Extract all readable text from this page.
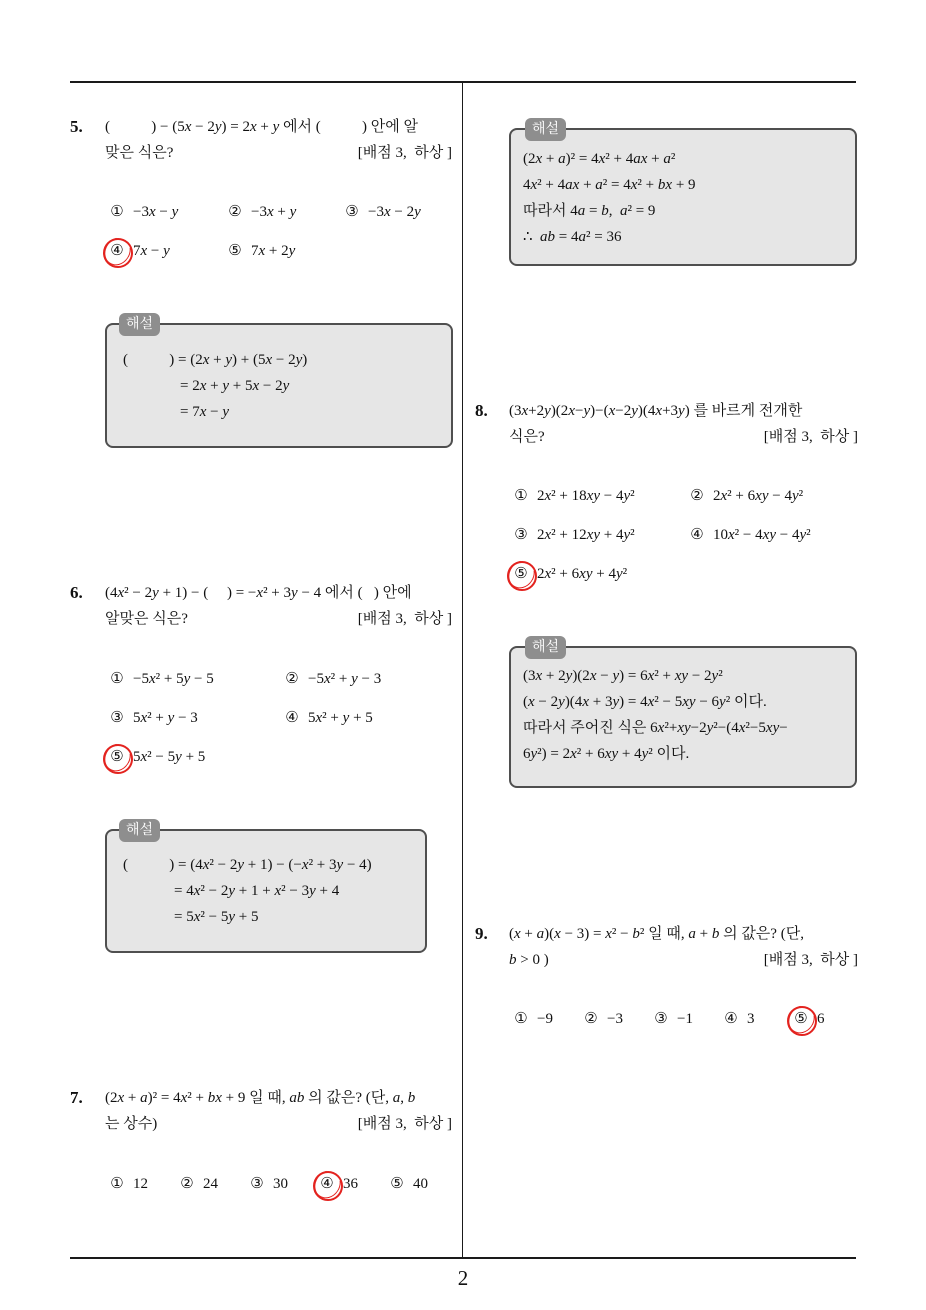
2
5. (           ) − (5x − 2y) = 2x + y 에서 (           ) 안에 알
맞은 식은?	[배점 3,  하상 ]
① −3x − y	② −3x + y	③ −3x − 2y
④ 7x − y	⑤ 7x + 2y
해설
(           ) = (2x + y) + (5x − 2y)
= 2x + y + 5x − 2y
= 7x − y
6. (4x² − 2y + 1) − (     ) = −x² + 3y − 4 에서 (   ) 안에
알맞은 식은?	[배점 3,  하상 ]
① −5x² + 5y − 5	② −5x² + y − 3
③ 5x² + y − 3	④ 5x² + y + 5
⑤ 5x² − 5y + 5
해설
(           ) = (4x² − 2y + 1) − (−x² + 3y − 4)
= 4x² − 2y + 1 + x² − 3y + 4
= 5x² − 5y + 5
7. (2x + a)² = 4x² + bx + 9 일 때, ab 의 값은? (단, a, b
는 상수)	[배점 3,  하상 ]
① 12 ② 24 ③ 30 ④ 36 ⑤ 40
해설
(2x + a)² = 4x² + 4ax + a²
4x² + 4ax + a² = 4x² + bx + 9
따라서 4a = b,  a² = 9
∴  ab = 4a² = 36
8. (3x+2y)(2x−y)−(x−2y)(4x+3y) 를 바르게 전개한
식은?	[배점 3,  하상 ]
① 2x² + 18xy − 4y²	② 2x² + 6xy − 4y²
③ 2x² + 12xy + 4y²	④ 10x² − 4xy − 4y²
⑤ 2x² + 6xy + 4y²
해설
(3x + 2y)(2x − y) = 6x² + xy − 2y²
(x − 2y)(4x + 3y) = 4x² − 5xy − 6y² 이다.
따라서 주어진 식은 6x²+xy−2y²−(4x²−5xy−
6y²) = 2x² + 6xy + 4y² 이다.
9. (x + a)(x − 3) = x² − b² 일 때, a + b 의 값은? (단,
b > 0 )	[배점 3,  하상 ]
① −9 ② −3 ③ −1 ④ 3	⑤ 6
